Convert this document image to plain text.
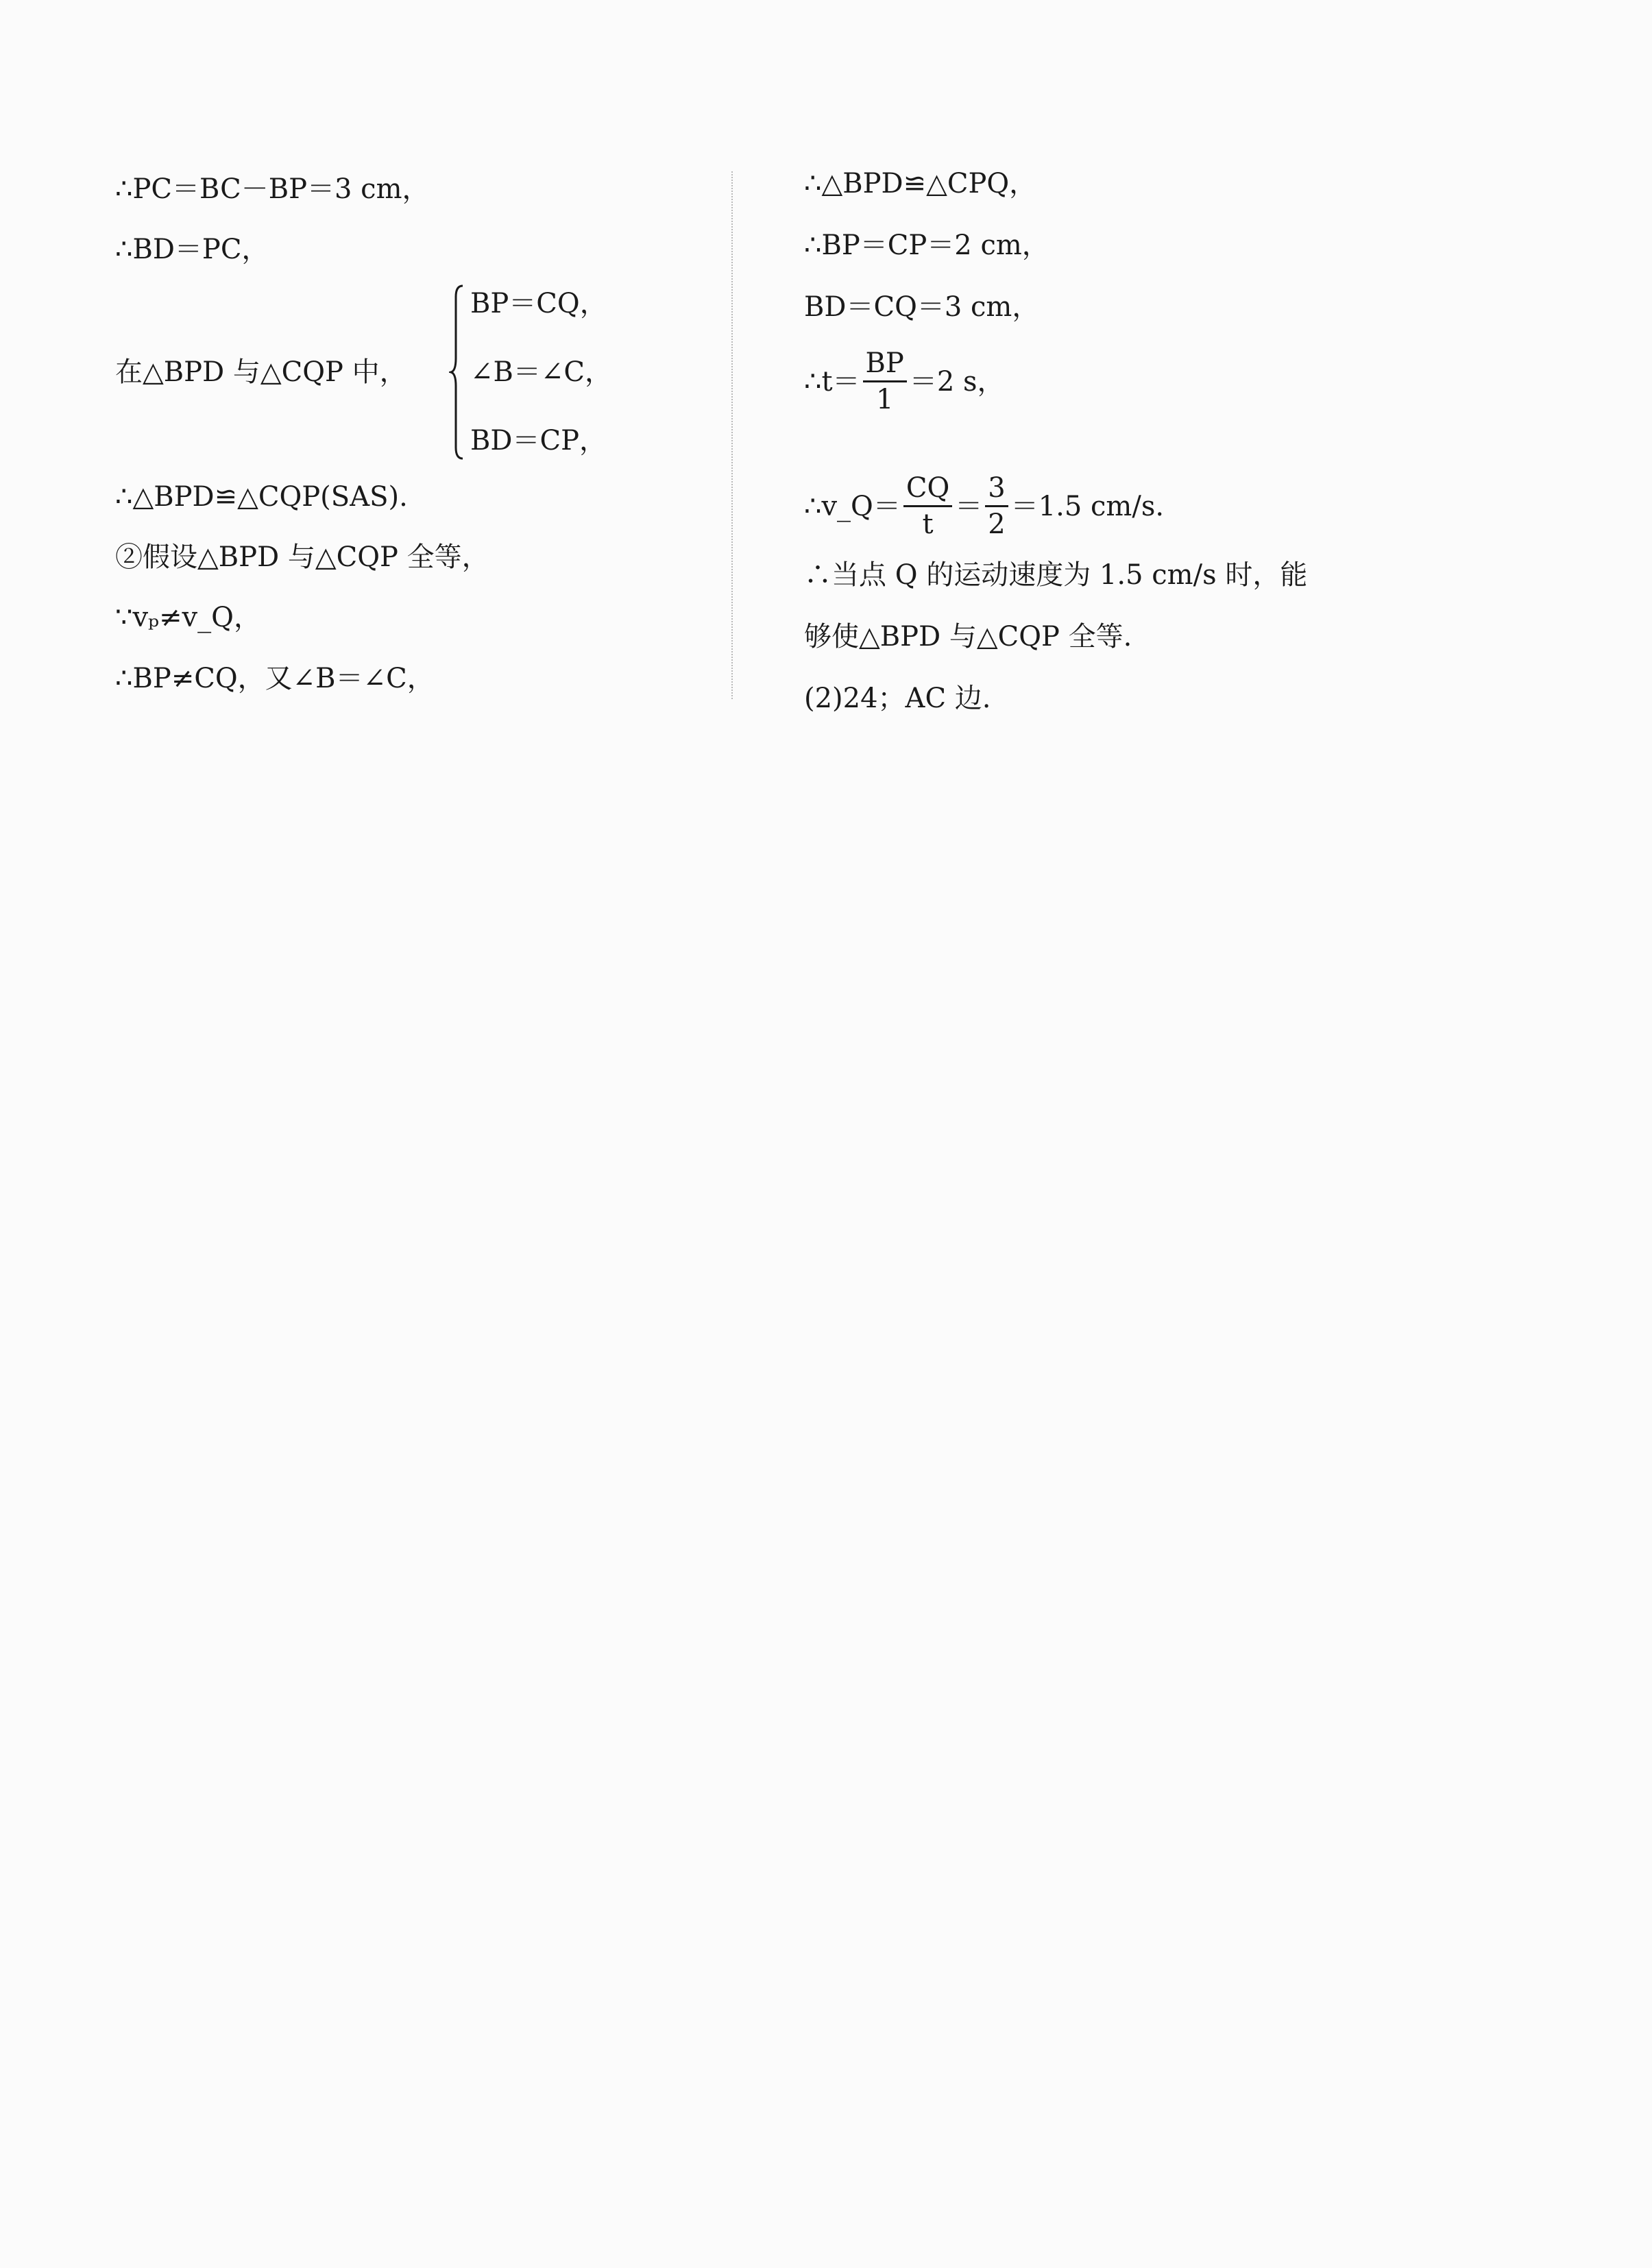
∴PC＝BC－BP＝3 cm，
∴BD＝PC，
在△BPD 与△CQP 中，
BP＝CQ，
∠B＝∠C，
BD＝CP，
∴△BPD≌△CQP(SAS).
②假设△BPD 与△CQP 全等，
∵vₚ≠v_Q，
∴BP≠CQ，又∠B＝∠C，
∴△BPD≌△CPQ，
∴BP＝CP＝2 cm，
BD＝CQ＝3 cm，
∴t＝ $\frac{BP}{1} =2$ s，
∴v_Q＝ $\frac{CQ}{t} = \frac{3}{2} =1.5$ cm/s.
∴当点 Q 的运动速度为 1.5 cm/s 时，能
够使△BPD 与△CQP 全等.
(2)24；AC 边.
